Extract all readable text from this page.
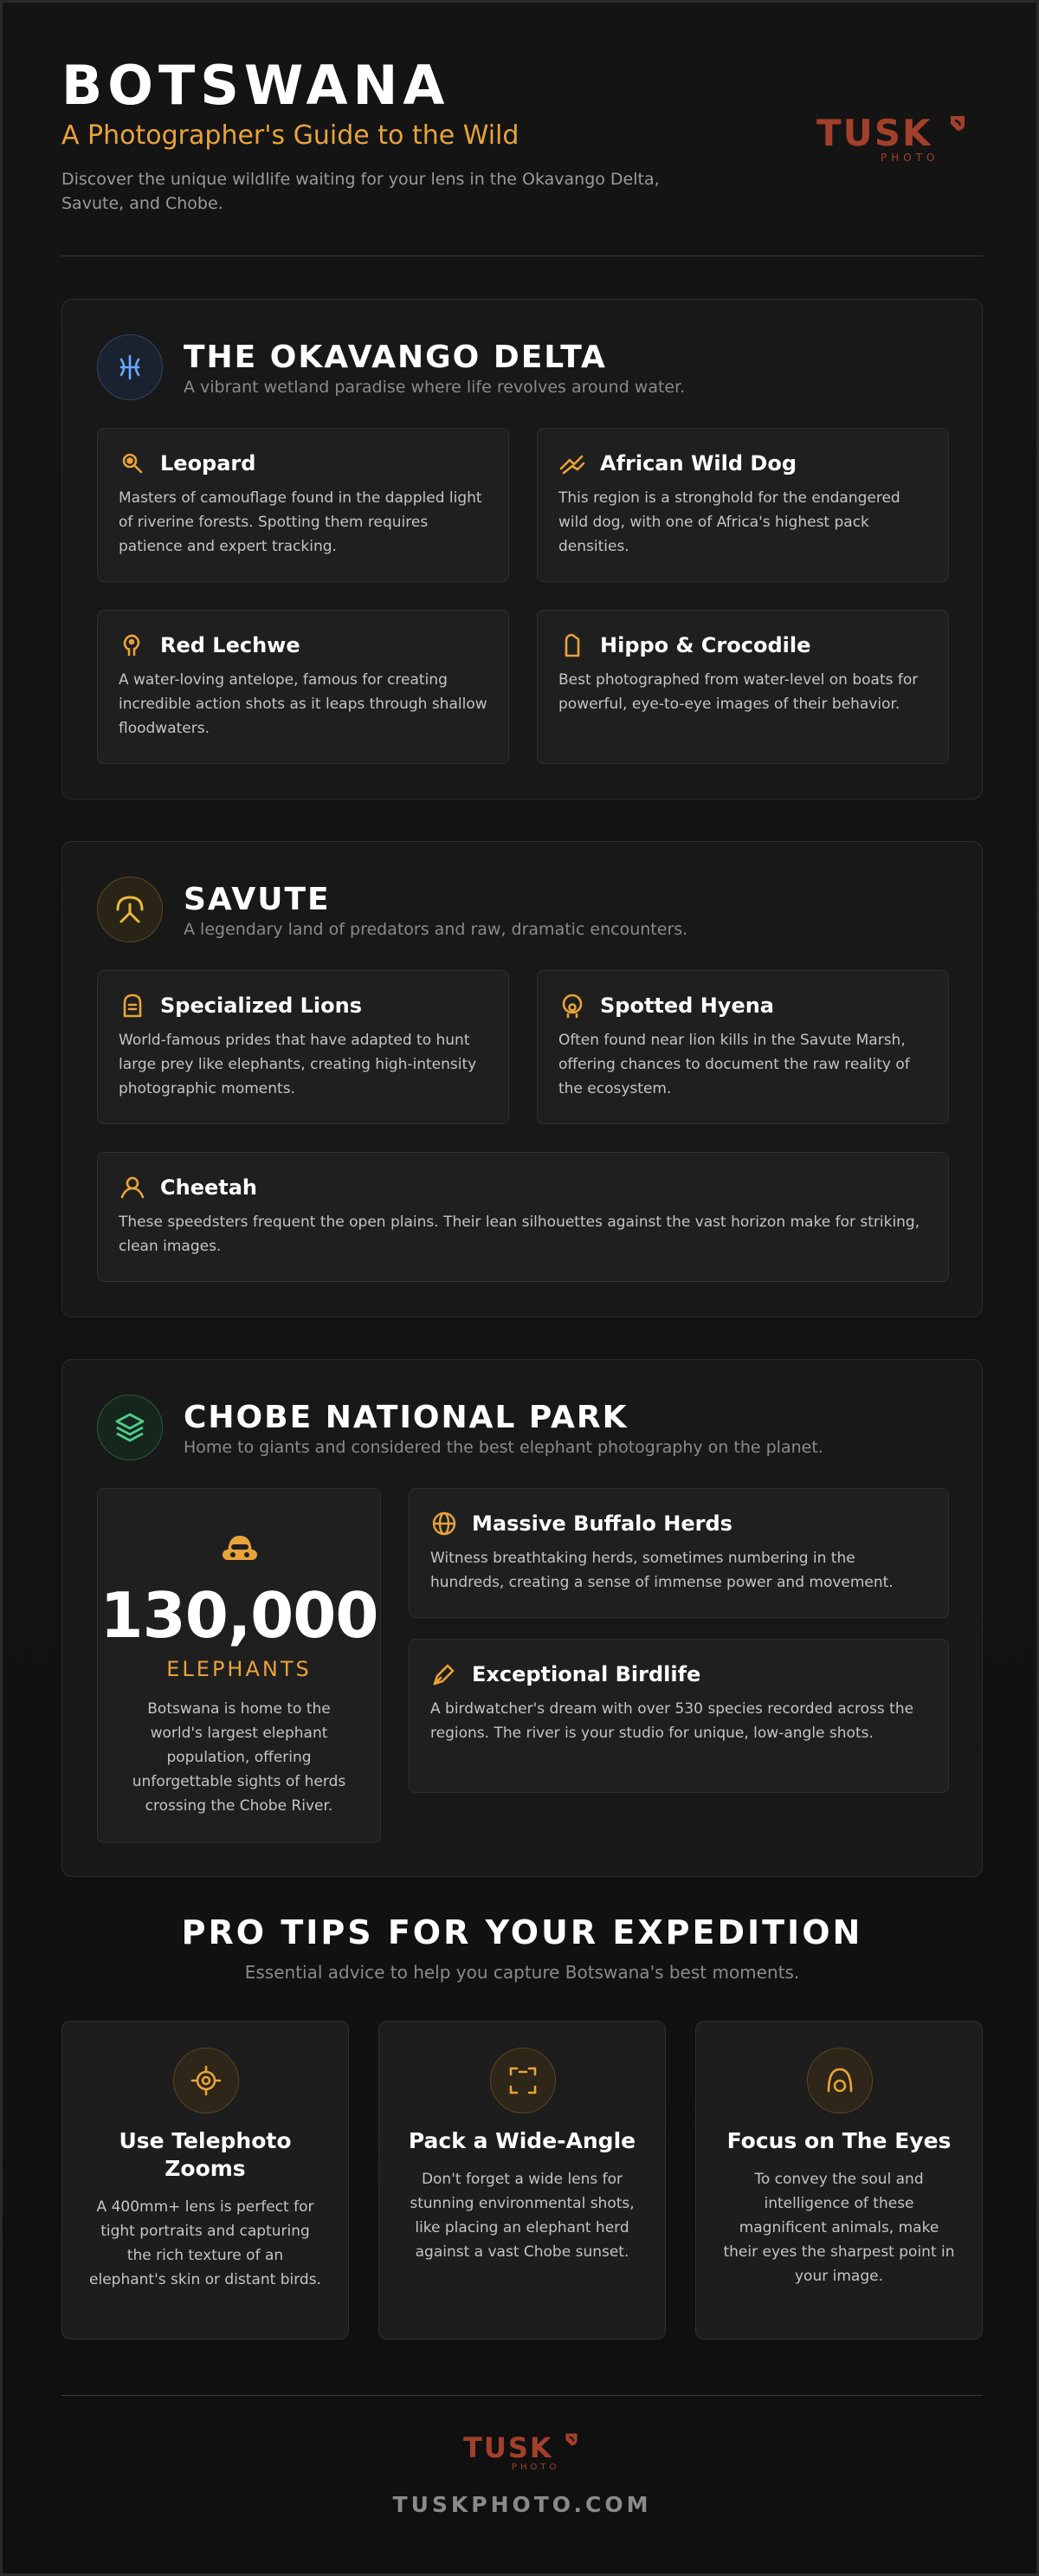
BOTSWANA
A Photographer's Guide to the Wild
Discover the unique wildlife waiting for your lens in the Okavango Delta, Savute, and Chobe.
TUSK
PHOTO
THE OKAVANGO DELTA
A vibrant wetland paradise where life revolves around water.
Leopard
Masters of camouflage found in the dappled light of riverine forests. Spotting them requires patience and expert tracking.
African Wild Dog
This region is a stronghold for the endangered wild dog, with one of Africa's highest pack densities.
Red Lechwe
A water-loving antelope, famous for creating incredible action shots as it leaps through shallow floodwaters.
Hippo & Crocodile
Best photographed from water-level on boats for powerful, eye-to-eye images of their behavior.
SAVUTE
A legendary land of predators and raw, dramatic encounters.
Specialized Lions
World-famous prides that have adapted to hunt large prey like elephants, creating high-intensity photographic moments.
Spotted Hyena
Often found near lion kills in the Savute Marsh, offering chances to document the raw reality of the ecosystem.
Cheetah
These speedsters frequent the open plains. Their lean silhouettes against the vast horizon make for striking, clean images.
CHOBE NATIONAL PARK
Home to giants and considered the best elephant photography on the planet.
130,000
ELEPHANTS
Botswana is home to the world's largest elephant population, offering unforgettable sights of herds crossing the Chobe River.
Massive Buffalo Herds
Witness breathtaking herds, sometimes numbering in the hundreds, creating a sense of immense power and movement.
Exceptional Birdlife
A birdwatcher's dream with over 530 species recorded across the regions. The river is your studio for unique, low-angle shots.
PRO TIPS FOR YOUR EXPEDITION
Essential advice to help you capture Botswana's best moments.
Use Telephoto Zooms
A 400mm+ lens is perfect for tight portraits and capturing the rich texture of an elephant's skin or distant birds.
Pack a Wide-Angle
Don't forget a wide lens for stunning environmental shots, like placing an elephant herd against a vast Chobe sunset.
Focus on The Eyes
To convey the soul and intelligence of these magnificent animals, make their eyes the sharpest point in your image.
TUSK
PHOTO
TUSKPHOTO.COM
